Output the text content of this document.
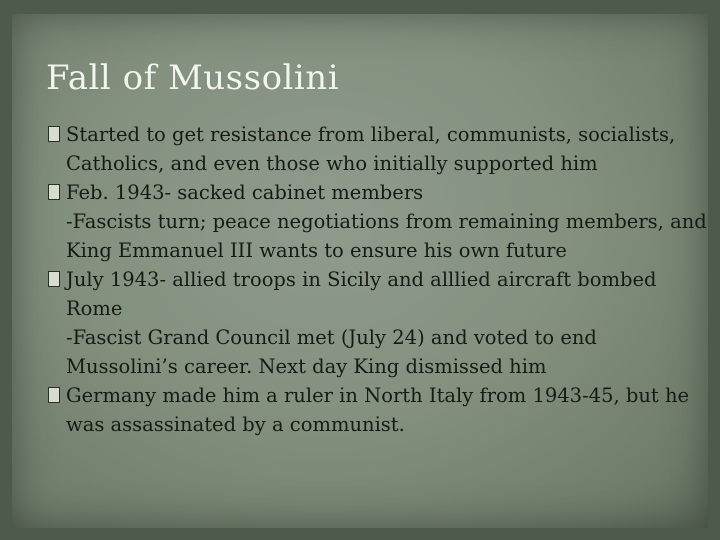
Fall of Mussolini

Started to get resistance from liberal, communists, socialists, Catholics, and even those who initially supported him

Feb. 1943- sacked cabinet members

-Fascists turn; peace negotiations from remaining members, and King Emmanuel III wants to ensure his own future

July 1943- allied troops in Sicily and alllied aircraft bombed Rome

-Fascist Grand Council met (July 24) and voted to end Mussolini’s career. Next day King dismissed him

Germany made him a ruler in North Italy from 1943-45, but he was assassinated by a communist.
